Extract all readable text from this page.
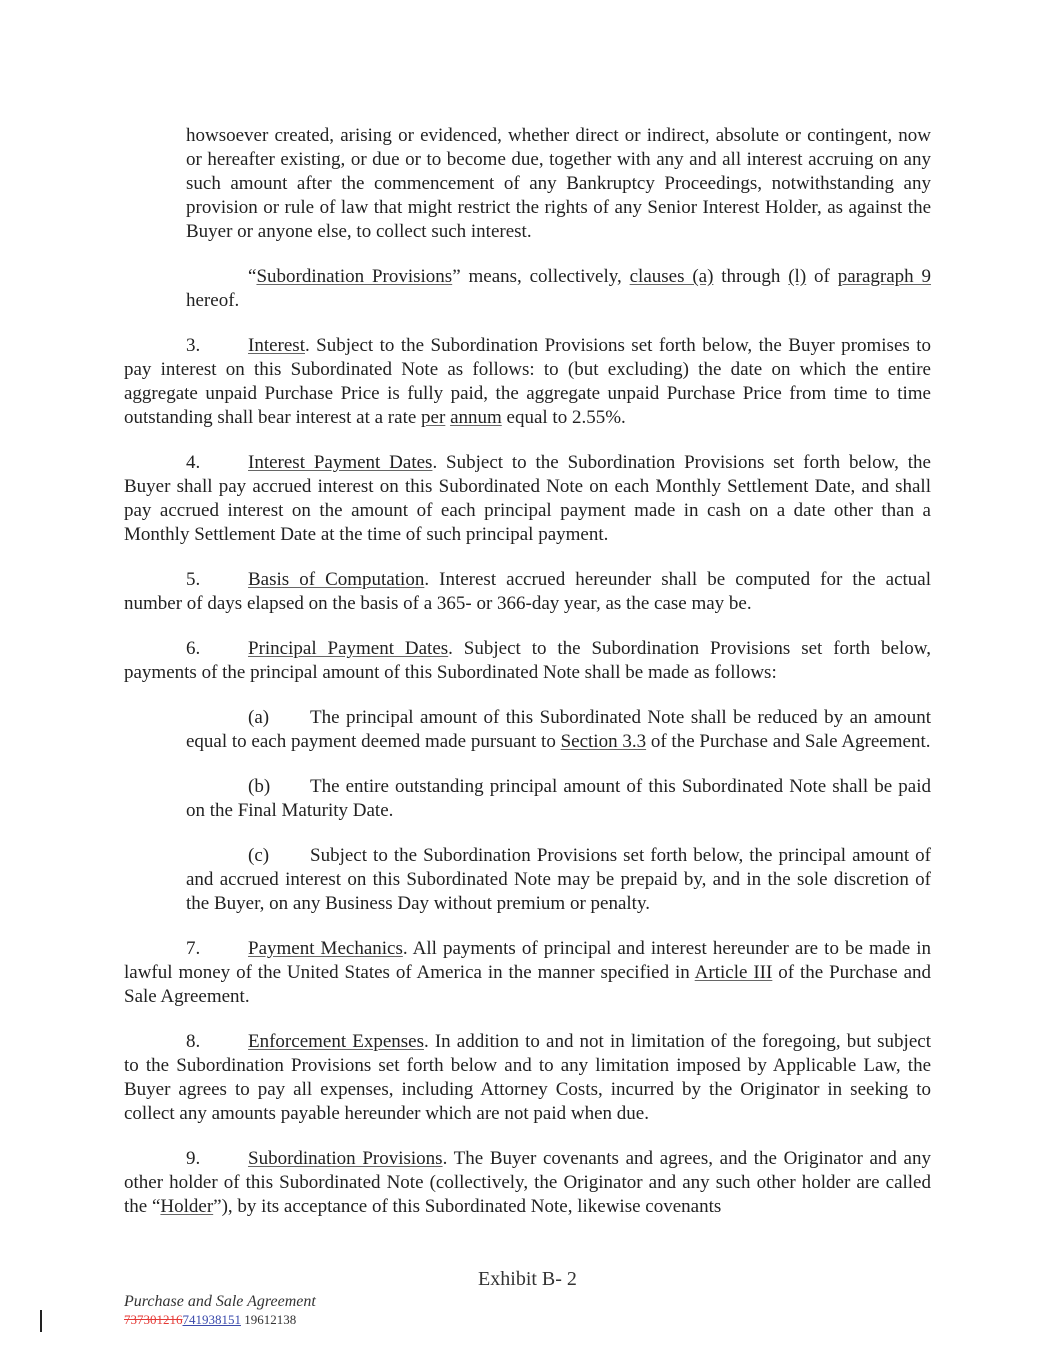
howsoever created, arising or evidenced, whether direct or indirect, absolute or contingent, now or hereafter existing, or due or to become due, together with any and all interest accruing on any such amount after the commencement of any Bankruptcy Proceedings, notwithstanding any provision or rule of law that might restrict the rights of any Senior Interest Holder, as against the Buyer or anyone else, to collect such interest.

“Subordination Provisions” means, collectively, clauses (a) through (l) of paragraph 9 hereof.

3.	Interest. Subject to the Subordination Provisions set forth below, the Buyer promises to pay interest on this Subordinated Note as follows: to (but excluding) the date on which the entire aggregate unpaid Purchase Price is fully paid, the aggregate unpaid Purchase Price from time to time outstanding shall bear interest at a rate per annum equal to 2.55%.

4.	Interest Payment Dates. Subject to the Subordination Provisions set forth below, the Buyer shall pay accrued interest on this Subordinated Note on each Monthly Settlement Date, and shall pay accrued interest on the amount of each principal payment made in cash on a date other than a Monthly Settlement Date at the time of such principal payment.

5.	Basis of Computation. Interest accrued hereunder shall be computed for the actual number of days elapsed on the basis of a 365- or 366-day year, as the case may be.

6.	Principal Payment Dates. Subject to the Subordination Provisions set forth below, payments of the principal amount of this Subordinated Note shall be made as follows:

(a) The principal amount of this Subordinated Note shall be reduced by an amount equal to each payment deemed made pursuant to Section 3.3 of the Purchase and Sale Agreement.

(b) The entire outstanding principal amount of this Subordinated Note shall be paid on the Final Maturity Date.

(c) Subject to the Subordination Provisions set forth below, the principal amount of and accrued interest on this Subordinated Note may be prepaid by, and in the sole discretion of the Buyer, on any Business Day without premium or penalty.

7.	Payment Mechanics. All payments of principal and interest hereunder are to be made in lawful money of the United States of America in the manner specified in Article III of the Purchase and Sale Agreement.

8.	Enforcement Expenses. In addition to and not in limitation of the foregoing, but subject to the Subordination Provisions set forth below and to any limitation imposed by Applicable Law, the Buyer agrees to pay all expenses, including Attorney Costs, incurred by the Originator in seeking to collect any amounts payable hereunder which are not paid when due.

9.	Subordination Provisions. The Buyer covenants and agrees, and the Originator and any other holder of this Subordinated Note (collectively, the Originator and any such other holder are called the “Holder”), by its acceptance of this Subordinated Note, likewise covenants

Exhibit B- 2
Purchase and Sale Agreement
737301216741938151 19612138
